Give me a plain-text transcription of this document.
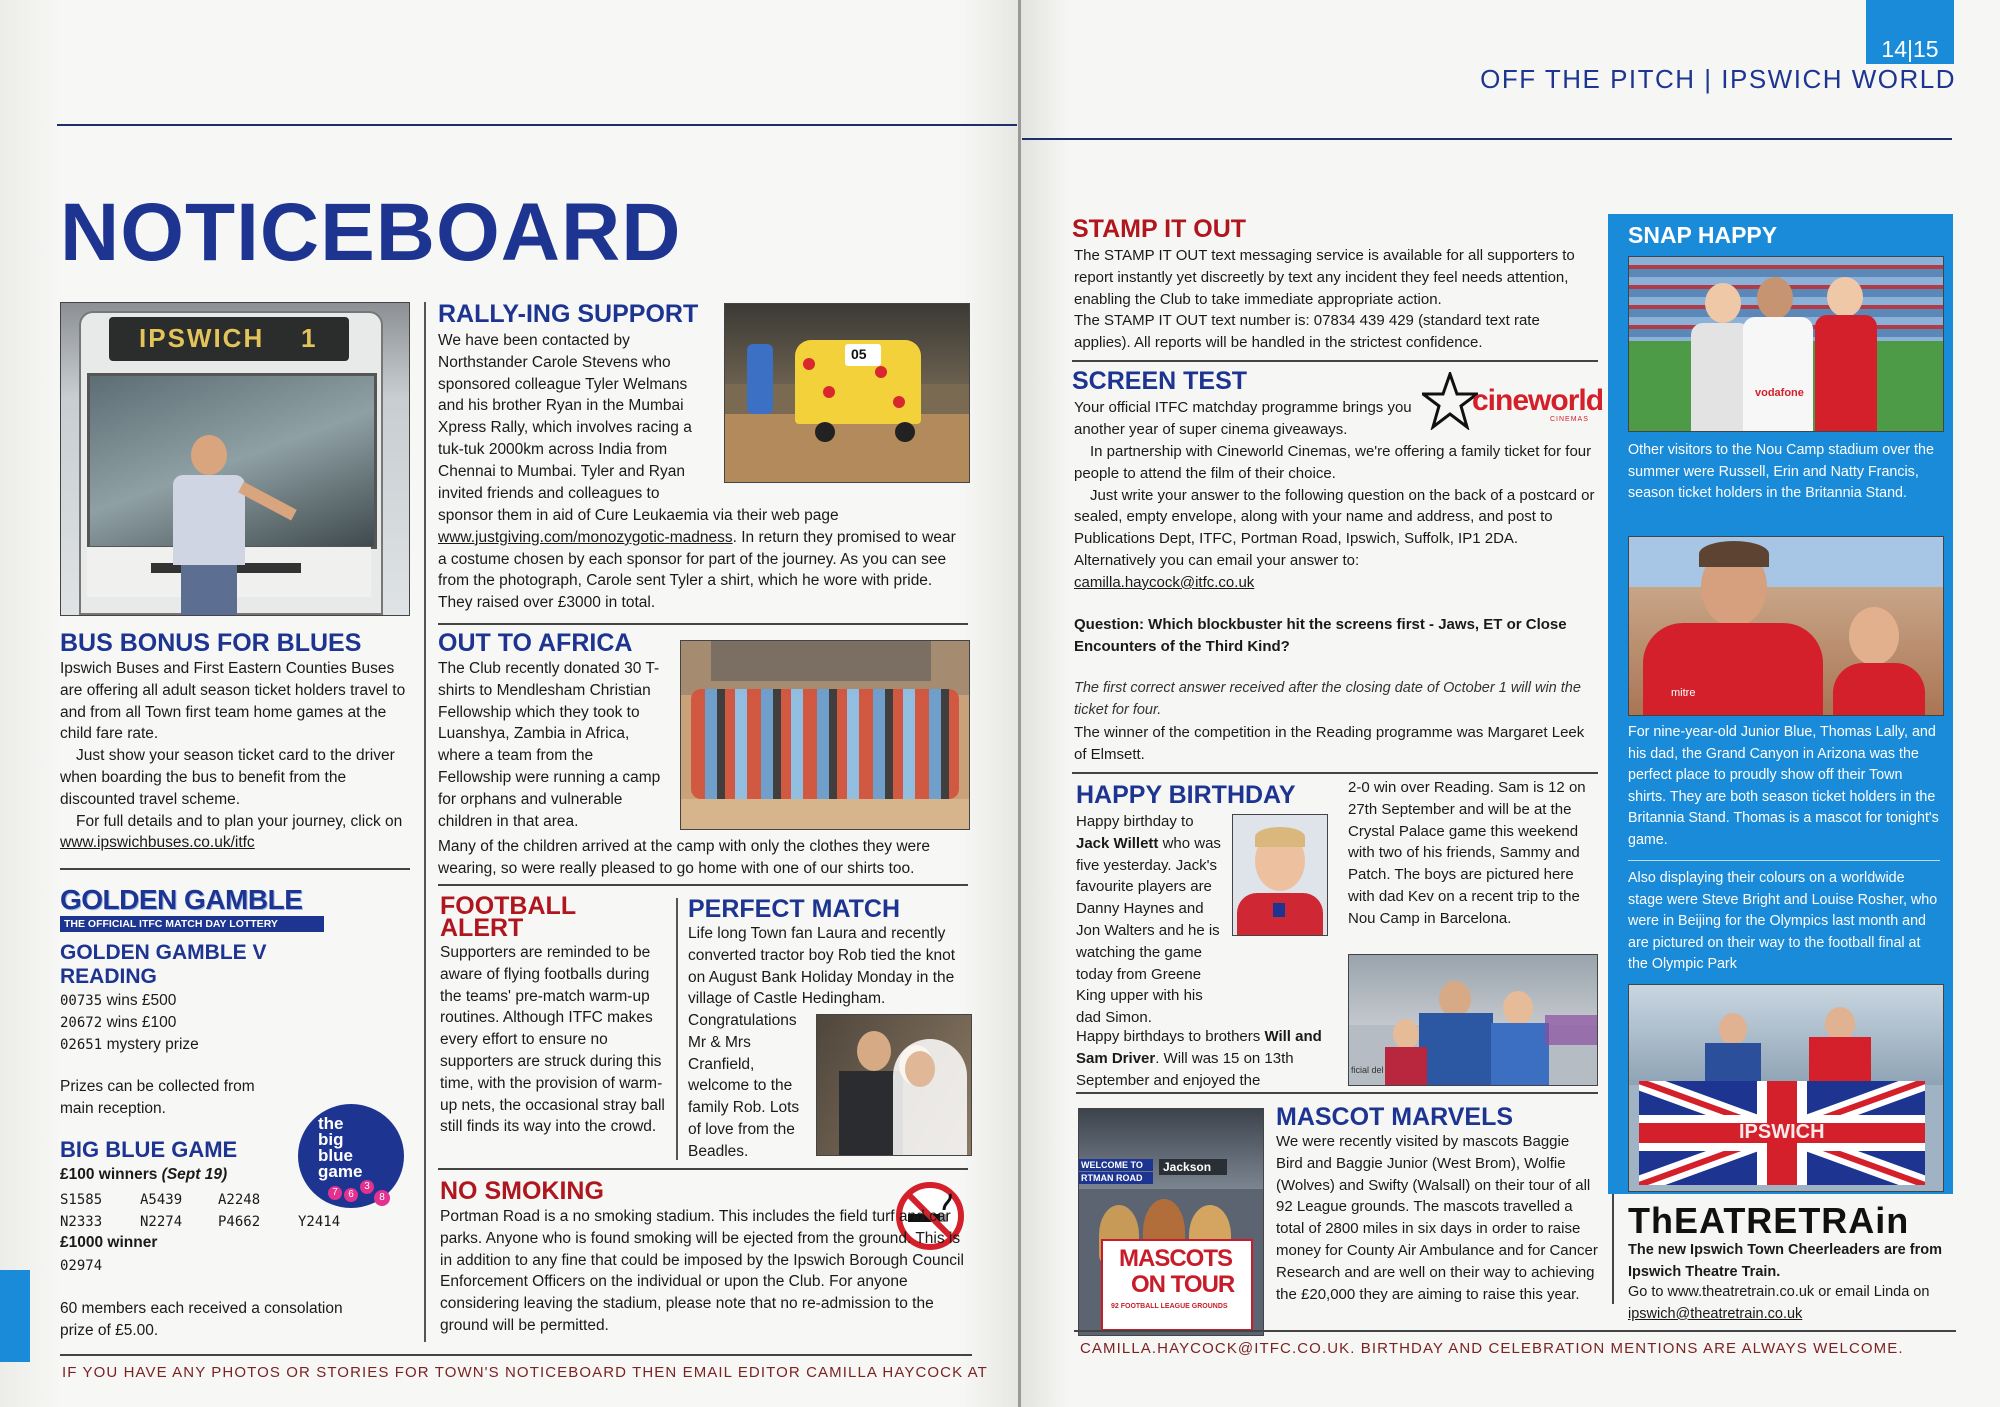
14|15
OFF THE PITCH | IPSWICH WORLD
NOTICEBOARD
IPSWICH 1
BUS BONUS FOR BLUES

Ipswich Buses and First Eastern Counties Buses are offering all adult season ticket holders travel to and from all Town first team home games at the child fare rate.

Just show your season ticket card to the driver when boarding the bus to benefit from the discounted travel scheme.

For full details and to plan your journey, click on www.ipswichbuses.co.uk/itfc

GOLDEN GAMBLE
THE OFFICIAL ITFC MATCH DAY LOTTERY
GOLDEN GAMBLE V READING
00735 wins £500
20672 wins £100
02651 mystery prize
Prizes can be collected from main reception.
the
big
blue
game
7	6
3
8
BIG BLUE GAME
£100 winners (Sept 19)
S1585	A5439	A2248
N2333	N2274	P4662	Y2414
£1000 winner
02974
60 members each received a consolation prize of £5.00.
RALLY-ING SUPPORT
05
We have been contacted by Northstander Carole Stevens who sponsored colleague Tyler Welmans and his brother Ryan in the Mumbai Xpress Rally, which involves racing a tuk-tuk 2000km across India from Chennai to Mumbai. Tyler and Ryan invited friends and colleagues to
sponsor them in aid of Cure Leukaemia via their web page
www.justgiving.com/monozygotic-madness. In return they promised to wear a costume chosen by each sponsor for part of the journey. As you can see from the photograph, Carole sent Tyler a shirt, which he wore with pride. They raised over £3000 in total.
OUT TO AFRICA
The Club recently donated 30 T-shirts to Mendlesham Christian Fellowship which they took to Luanshya, Zambia in Africa, where a team from the Fellowship were running a camp for orphans and vulnerable children in that area.
Many of the children arrived at the camp with only the clothes they were wearing, so were really pleased to go home with one of our shirts too.
FOOTBALL
ALERT
Supporters are reminded to be aware of flying footballs during the teams' pre-match warm-up routines. Although ITFC makes every effort to ensure no supporters are struck during this time, with the provision of warm-up nets, the occasional stray ball still finds its way into the crowd.
PERFECT MATCH
Life long Town fan Laura and recently converted tractor boy Rob tied the knot on August Bank Holiday Monday in the village of Castle Hedingham.
Congratulations Mr & Mrs Cranfield, welcome to the family Rob. Lots of love from the Beadles.
NO SMOKING
Portman Road is a no smoking stadium. This includes the field turf and car parks. Anyone who is found smoking will be ejected from the ground. This is in addition to any fine that could be imposed by the Ipswich Borough Council Enforcement Officers on the individual or upon the Club. For anyone considering leaving the stadium, please note that no re-admission to the ground will be permitted.
STAMP IT OUT

The STAMP IT OUT text messaging service is available for all supporters to report instantly yet discreetly by text any incident they feel needs attention, enabling the Club to take immediate appropriate action.

The STAMP IT OUT text number is: 07834 439 429 (standard text rate applies). All reports will be handled in the strictest confidence.

SCREEN TEST
cineworld
CINEMAS
Your official ITFC matchday programme brings you another year of super cinema giveaways.

In partnership with Cineworld Cinemas, we're offering a family ticket for four people to attend the film of their choice.

Just write your answer to the following question on the back of a postcard or sealed, empty envelope, along with your name and address, and post to Publications Dept, ITFC, Portman Road, Ipswich, Suffolk, IP1 2DA. Alternatively you can email your answer to:

camilla.haycock@itfc.co.uk

Question: Which blockbuster hit the screens first - Jaws, ET or Close Encounters of the Third Kind?
The first correct answer received after the closing date of October 1 will win the ticket for four.
The winner of the competition in the Reading programme was Margaret Leek of Elmsett.
HAPPY BIRTHDAY
Happy birthday to Jack Willett who was five yesterday. Jack's favourite players are Danny Haynes and Jon Walters and he is watching the game today from Greene King upper with his dad Simon.
Happy birthdays to brothers Will and Sam Driver. Will was 15 on 13th September and enjoyed the
2-0 win over Reading. Sam is 12 on 27th September and will be at the Crystal Palace game this weekend with two of his friends, Sammy and Patch. The boys are pictured here with dad Kev on a recent trip to the Nou Camp in Barcelona.
ficial del
WELCOME TO
RTMAN ROAD
Jackson
MASCOTS
ON TOUR
92 FOOTBALL LEAGUE GROUNDS
MASCOT MARVELS
We were recently visited by mascots Baggie Bird and Baggie Junior (West Brom), Wolfie (Wolves) and Swifty (Walsall) on their tour of all 92 League grounds. The mascots travelled a total of 2800 miles in six days in order to raise money for County Air Ambulance and for Cancer Research and are well on their way to achieving the £20,000 they are aiming to raise this year.
SNAP HAPPY
vodafone
Other visitors to the Nou Camp stadium over the summer were Russell, Erin and Natty Francis, season ticket holders in the Britannia Stand.
mitre
For nine-year-old Junior Blue, Thomas Lally, and his dad, the Grand Canyon in Arizona was the perfect place to proudly show off their Town shirts. They are both season ticket holders in the Britannia Stand. Thomas is a mascot for tonight's game.
Also displaying their colours on a worldwide stage were Steve Bright and Louise Rosher, who were in Beijing for the Olympics last month and are pictured on their way to the football final at the Olympic Park
IPSWICH
ThEATRETRAin
The new Ipswich Town Cheerleaders are from Ipswich Theatre Train.
Go to www.theatretrain.co.uk or email Linda on
ipswich@theatretrain.co.uk
IF YOU HAVE ANY PHOTOS OR STORIES FOR TOWN'S NOTICEBOARD THEN EMAIL EDITOR CAMILLA HAYCOCK AT
CAMILLA.HAYCOCK@ITFC.CO.UK. BIRTHDAY AND CELEBRATION MENTIONS ARE ALWAYS WELCOME.
